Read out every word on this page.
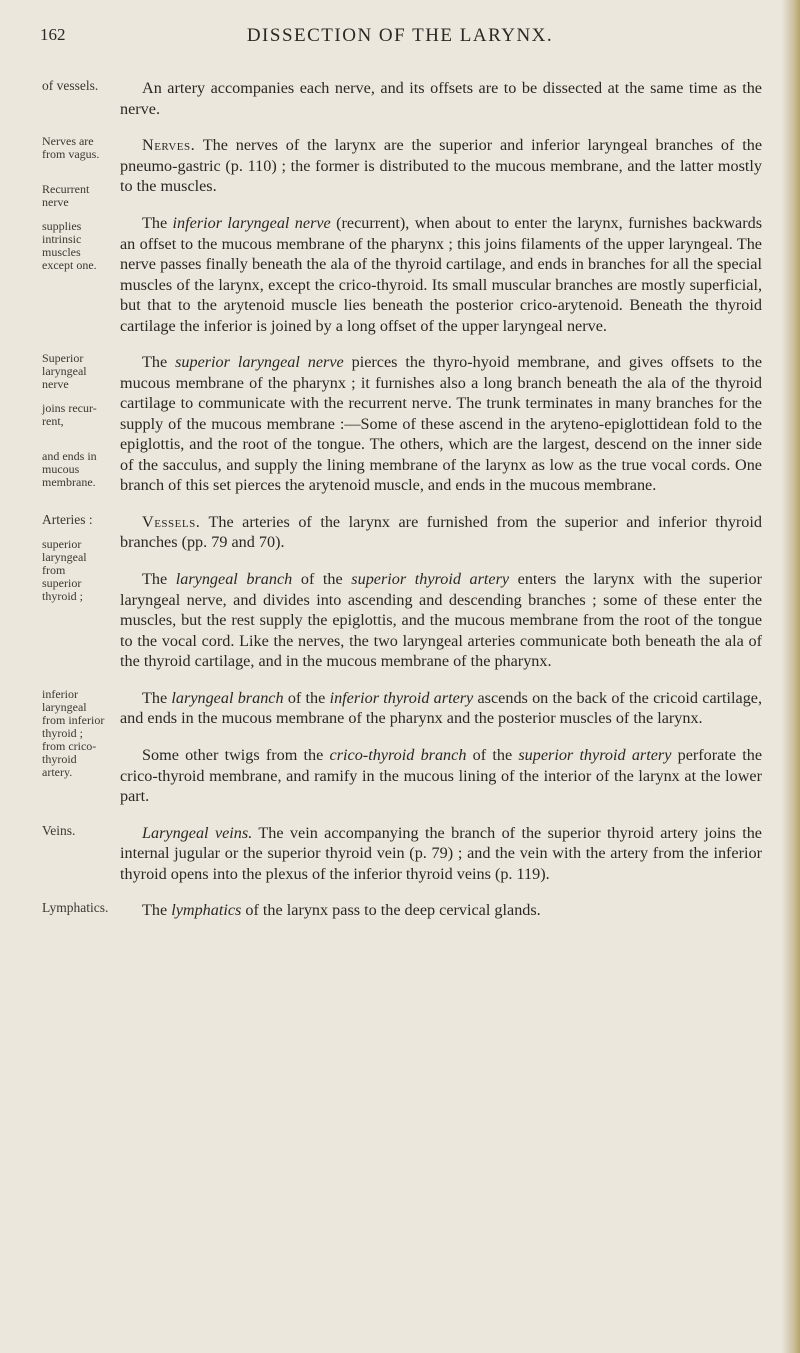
162	DISSECTION OF THE LARYNX.
of vessels.	An artery accompanies each nerve, and its offsets are to be dissected at the same time as the nerve.

Nerves are
from vagus.
Recurrent
nerve
supplies
intrinsic
muscles
except one.

Nerves. The nerves of the larynx are the superior and inferior laryngeal branches of the pneumo-gastric (p. 110) ; the former is distributed to the mucous membrane, and the latter mostly to the muscles.

The inferior laryngeal nerve (recurrent), when about to enter the larynx, furnishes backwards an offset to the mucous membrane of the pharynx ; this joins filaments of the upper laryngeal. The nerve passes finally beneath the ala of the thyroid cartilage, and ends in branches for all the special muscles of the larynx, except the crico-thyroid. Its small muscular branches are mostly superficial, but that to the arytenoid muscle lies beneath the posterior crico-arytenoid. Beneath the thyroid cartilage the inferior is joined by a long offset of the upper laryngeal nerve.

Superior
laryngeal
nerve
joins recur-
rent,
and ends in
mucous
membrane.

The superior laryngeal nerve pierces the thyro-hyoid membrane, and gives offsets to the mucous membrane of the pharynx ; it furnishes also a long branch beneath the ala of the thyroid cartilage to communicate with the recurrent nerve. The trunk terminates in many branches for the supply of the mucous membrane :—Some of these ascend in the aryteno-epiglottidean fold to the epiglottis, and the root of the tongue. The others, which are the largest, descend on the inner side of the sacculus, and supply the lining membrane of the larynx as low as the true vocal cords. One branch of this set pierces the arytenoid muscle, and ends in the mucous membrane.

Arteries :
superior
laryngeal
from
superior
thyroid ;

Vessels. The arteries of the larynx are furnished from the superior and inferior thyroid branches (pp. 79 and 70).

The laryngeal branch of the superior thyroid artery enters the larynx with the superior laryngeal nerve, and divides into ascending and descending branches ; some of these enter the muscles, but the rest supply the epiglottis, and the mucous membrane from the root of the tongue to the vocal cord. Like the nerves, the two laryngeal arteries communicate both beneath the ala of the thyroid cartilage, and in the mucous membrane of the pharynx.

inferior
laryngeal
from inferior
thyroid ;
from crico-
thyroid
artery.

The laryngeal branch of the inferior thyroid artery ascends on the back of the cricoid cartilage, and ends in the mucous membrane of the pharynx and the posterior muscles of the larynx.

Some other twigs from the crico-thyroid branch of the superior thyroid artery perforate the crico-thyroid membrane, and ramify in the mucous lining of the interior of the larynx at the lower part.

Veins.	Laryngeal veins. The vein accompanying the branch of the superior thyroid artery joins the internal jugular or the superior thyroid vein (p. 79) ; and the vein with the artery from the inferior thyroid opens into the plexus of the inferior thyroid veins (p. 119).

Lymphatics.	The lymphatics of the larynx pass to the deep cervical glands.
